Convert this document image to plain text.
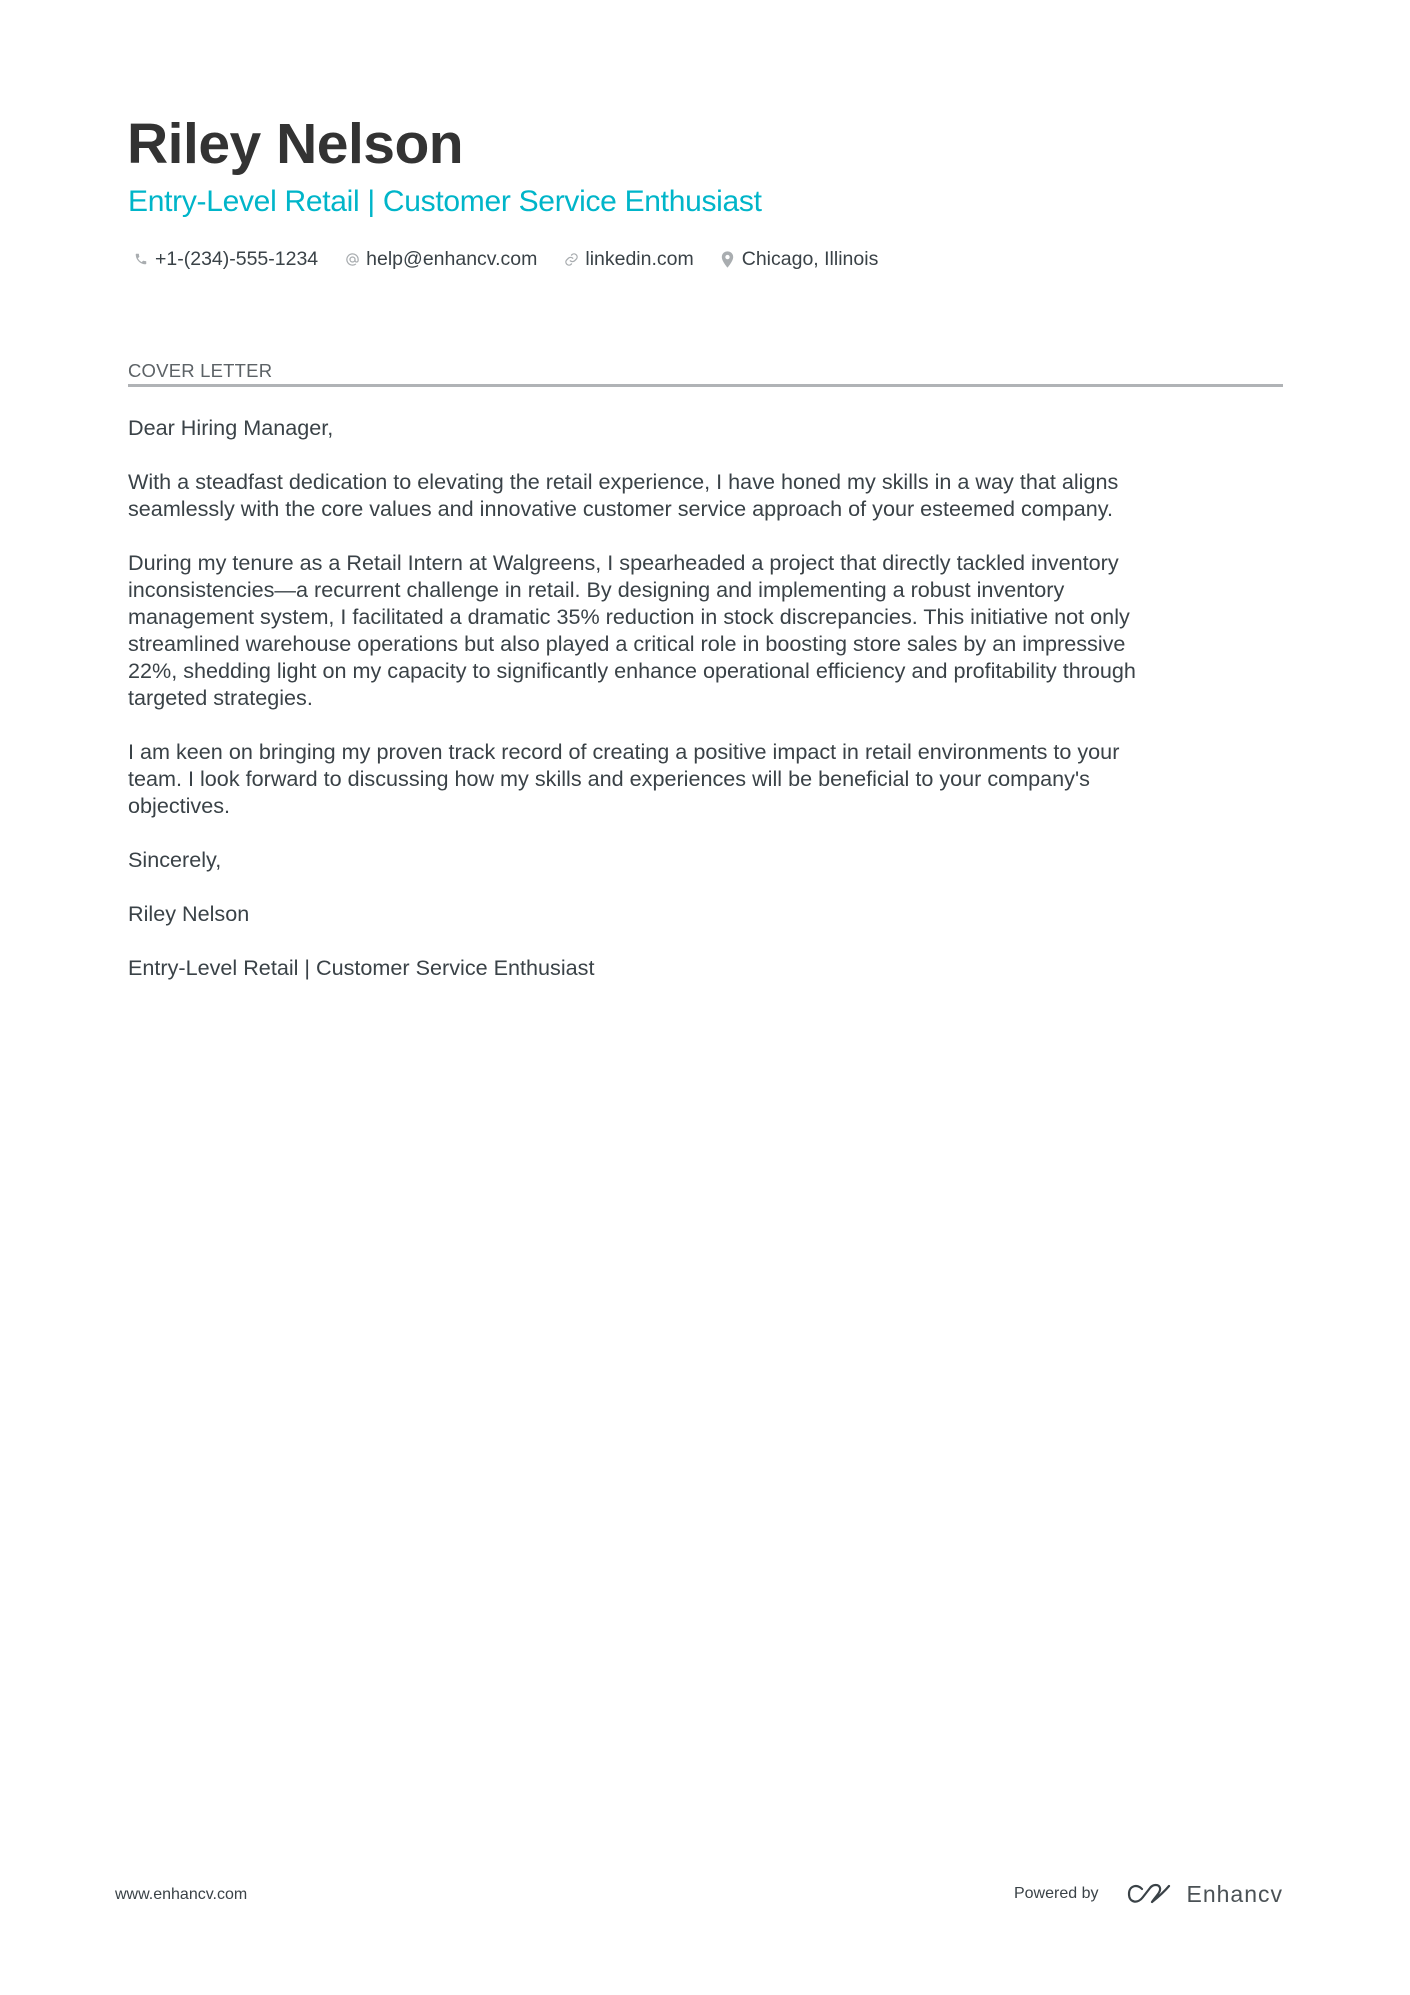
Riley Nelson
Entry-Level Retail | Customer Service Enthusiast
+1-(234)-555-1234 help@enhancv.com linkedin.com Chicago, Illinois
COVER LETTER

Dear Hiring Manager,

With a steadfast dedication to elevating the retail experience, I have honed my skills in a way that aligns
seamlessly with the core values and innovative customer service approach of your esteemed company.

During my tenure as a Retail Intern at Walgreens, I spearheaded a project that directly tackled inventory
inconsistencies—a recurrent challenge in retail. By designing and implementing a robust inventory
management system, I facilitated a dramatic 35% reduction in stock discrepancies. This initiative not only
streamlined warehouse operations but also played a critical role in boosting store sales by an impressive
22%, shedding light on my capacity to significantly enhance operational efficiency and profitability through
targeted strategies.

I am keen on bringing my proven track record of creating a positive impact in retail environments to your
team. I look forward to discussing how my skills and experiences will be beneficial to your company's
objectives.

Sincerely,

Riley Nelson

Entry-Level Retail | Customer Service Enthusiast

www.enhancv.com	Powered by	Enhancv
